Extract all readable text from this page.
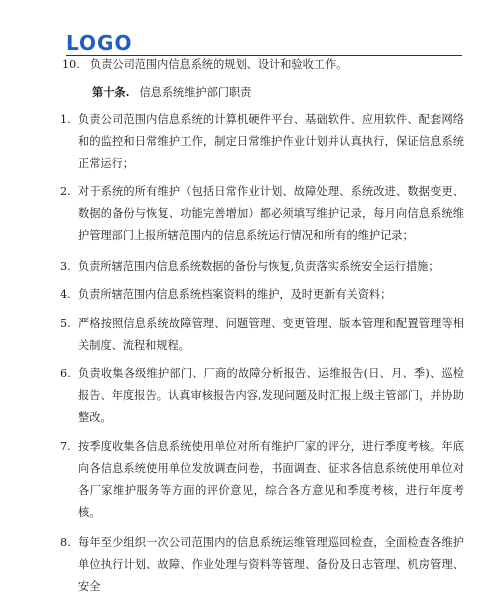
LOGO
10. 负责公司范围内信息系统的规划、设计和验收工作。
第十条. 信息系统维护部门职责
1. 负责公司范围内信息系统的计算机硬件平台、基础软件、应用软件、配套网络和的监控和日常维护工作，制定日常维护作业计划并认真执行，保证信息系统正常运行；
2. 对于系统的所有维护（包括日常作业计划、故障处理、系统改进、数据变更、数据的备份与恢复、功能完善增加）都必须填写维护记录，每月向信息系统维护管理部门上报所辖范围内的信息系统运行情况和所有的维护记录；
3. 负责所辖范围内信息系统数据的备份与恢复,负责落实系统安全运行措施；
4. 负责所辖范围内信息系统档案资料的维护，及时更新有关资料；
5. 严格按照信息系统故障管理、问题管理、变更管理、版本管理和配置管理等相关制度、流程和规程。
6. 负责收集各级维护部门、厂商的故障分析报告、运维报告(日、月、季)、巡检报告、年度报告。认真审核报告内容,发现问题及时汇报上级主管部门，并协助整改。
7. 按季度收集各信息系统使用单位对所有维护厂家的评分，进行季度考核。年底向各信息系统使用单位发放调查问卷，书面调查、征求各信息系统使用单位对各厂家维护服务等方面的评价意见，综合各方意见和季度考核，进行年度考核。
8. 每年至少组织一次公司范围内的信息系统运维管理巡回检查，全面检查各维护单位执行计划、故障、作业处理与资料等管理、备份及日志管理、机房管理、安全
